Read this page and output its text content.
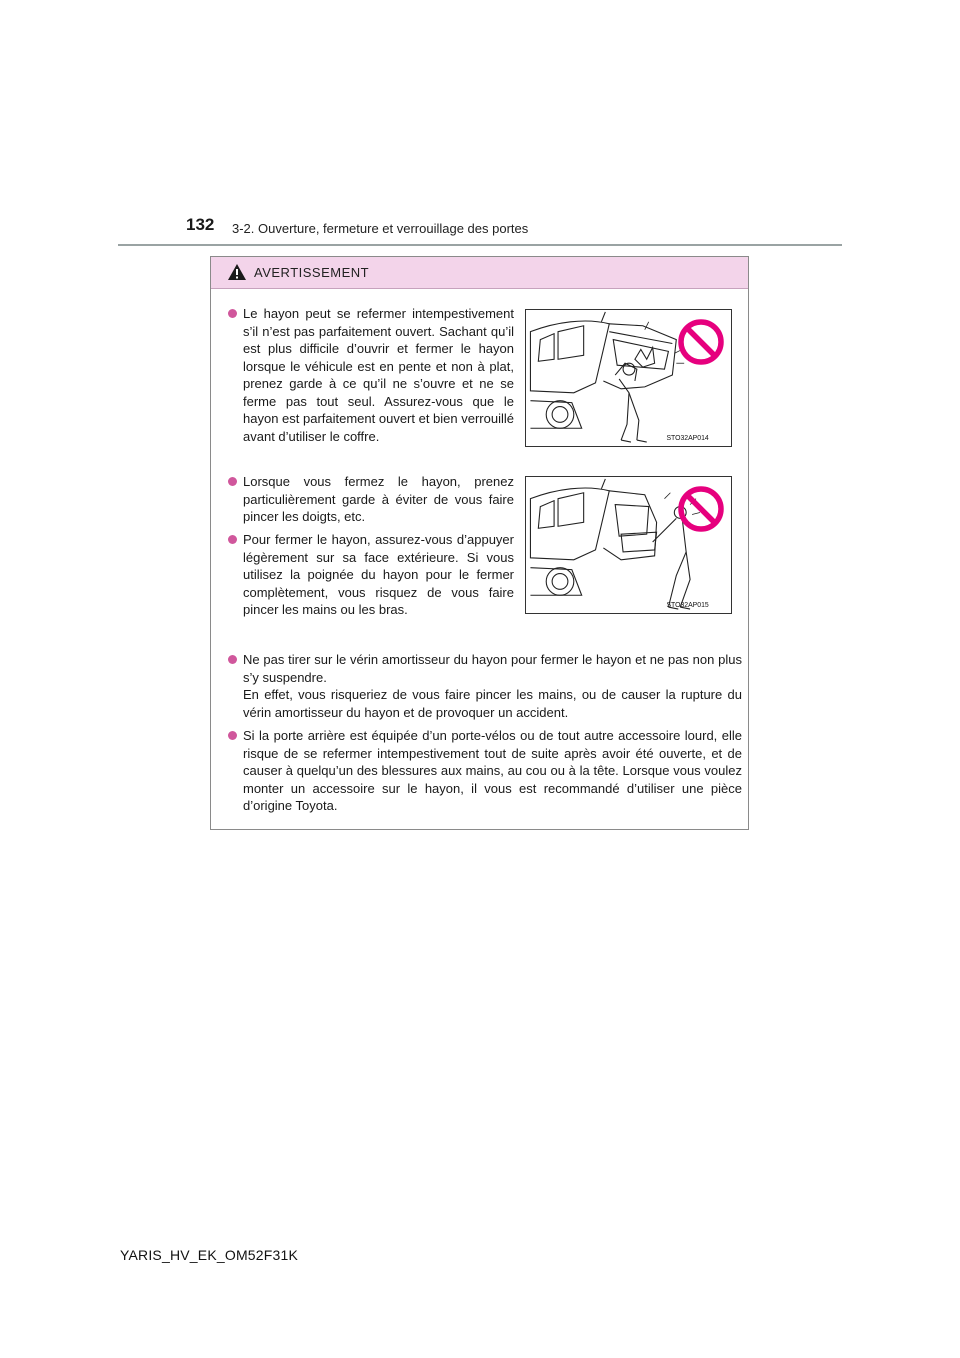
132 3-2. Ouverture, fermeture et verrouillage des portes
AVERTISSEMENT
Le hayon peut se refermer intempestivement s’il n’est pas parfaitement ouvert. Sachant qu’il est plus difficile d’ouvrir et fermer le hayon lorsque le véhicule est en pente et non à plat, prenez garde à ce qu’il ne s’ouvre et ne se ferme pas tout seul. Assurez-vous que le hayon est parfaitement ouvert et bien verrouillé avant d’utiliser le coffre.
Lorsque vous fermez le hayon, prenez particulièrement garde à éviter de vous faire pincer les doigts, etc.
Pour fermer le hayon, assurez-vous d’appuyer légèrement sur sa face extérieure. Si vous utilisez la poignée du hayon pour le fermer complètement, vous risquez de vous faire pincer les mains ou les bras.
Ne pas tirer sur le vérin amortisseur du hayon pour fermer le hayon et ne pas non plus s’y suspendre.
En effet, vous risqueriez de vous faire pincer les mains, ou de causer la rupture du vérin amortisseur du hayon et de provoquer un accident.
Si la porte arrière est équipée d’un porte-vélos ou de tout autre accessoire lourd, elle risque de se refermer intempestivement tout de suite après avoir été ouverte, et de causer à quelqu’un des blessures aux mains, au cou ou à la tête. Lorsque vous voulez monter un accessoire sur le hayon, il vous est recommandé d’utiliser une pièce d’origine Toyota.
STO32AP014
STO32AP015
YARIS_HV_EK_OM52F31K
